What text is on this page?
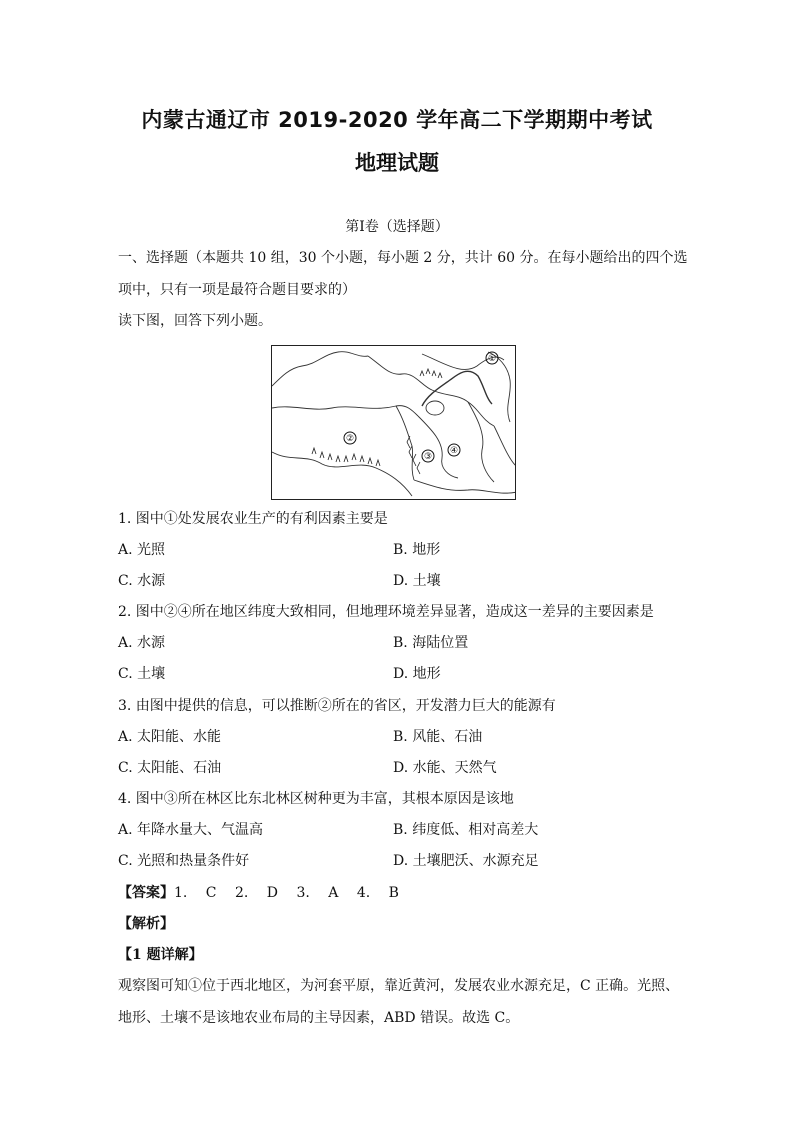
内蒙古通辽市 2019-2020 学年高二下学期期中考试
地理试题
第Ⅰ卷（选择题）
一、选择题（本题共 10 组，30 个小题，每小题 2 分，共计 60 分。在每小题给出的四个选
项中，只有一项是最符合题目要求的）
读下图，回答下列小题。
①
②
③
④
1. 图中①处发展农业生产的有利因素主要是
A. 光照	B. 地形
C. 水源	D. 土壤
2. 图中②④所在地区纬度大致相同，但地理环境差异显著，造成这一差异的主要因素是
A. 水源	B. 海陆位置
C. 土壤	D. 地形
3. 由图中提供的信息，可以推断②所在的省区，开发潜力巨大的能源有
A. 太阳能、水能	B. 风能、石油
C. 太阳能、石油	D. 水能、天然气
4. 图中③所在林区比东北林区树种更为丰富，其根本原因是该地
A. 年降水量大、气温高	B. 纬度低、相对高差大
C. 光照和热量条件好	D. 土壤肥沃、水源充足
【答案】1. C 2. D 3. A 4. B
【解析】
【1 题详解】
观察图可知①位于西北地区，为河套平原，靠近黄河，发展农业水源充足，C 正确。光照、
地形、土壤不是该地农业布局的主导因素，ABD 错误。故选 C。
